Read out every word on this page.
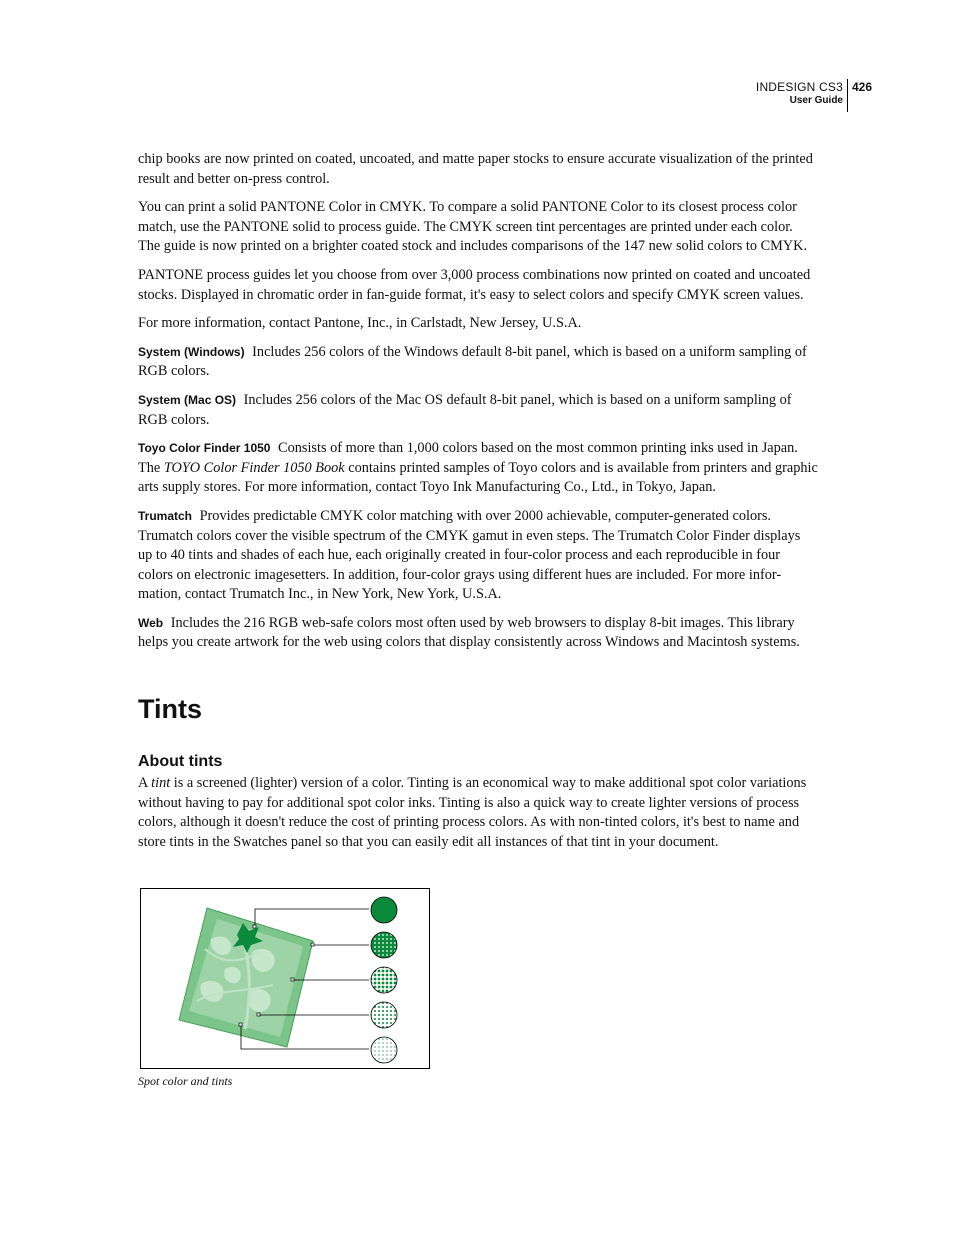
INDESIGN CS3
User Guide
426

chip books are now printed on coated, uncoated, and matte paper stocks to ensure accurate visualization of the printed result and better on-press control.

You can print a solid PANTONE Color in CMYK. To compare a solid PANTONE Color to its closest process color match, use the PANTONE solid to process guide. The CMYK screen tint percentages are printed under each color. The guide is now printed on a brighter coated stock and includes comparisons of the 147 new solid colors to CMYK.

PANTONE process guides let you choose from over 3,000 process combinations now printed on coated and uncoated stocks. Displayed in chromatic order in fan-guide format, it's easy to select colors and specify CMYK screen values.

For more information, contact Pantone, Inc., in Carlstadt, New Jersey, U.S.A.

System (Windows) Includes 256 colors of the Windows default 8-bit panel, which is based on a uniform sampling of RGB colors.

System (Mac OS) Includes 256 colors of the Mac OS default 8-bit panel, which is based on a uniform sampling of RGB colors.

Toyo Color Finder 1050 Consists of more than 1,000 colors based on the most common printing inks used in Japan. The TOYO Color Finder 1050 Book contains printed samples of Toyo colors and is available from printers and graphic arts supply stores. For more information, contact Toyo Ink Manufacturing Co., Ltd., in Tokyo, Japan.

Trumatch Provides predictable CMYK color matching with over 2000 achievable, computer-generated colors. Trumatch colors cover the visible spectrum of the CMYK gamut in even steps. The Trumatch Color Finder displays up to 40 tints and shades of each hue, each originally created in four-color process and each reproducible in four colors on electronic imagesetters. In addition, four-color grays using different hues are included. For more infor-mation, contact Trumatch Inc., in New York, New York, U.S.A.

Web Includes the 216 RGB web-safe colors most often used by web browsers to display 8-bit images. This library helps you create artwork for the web using colors that display consistently across Windows and Macintosh systems.

Tints
About tints

A tint is a screened (lighter) version of a color. Tinting is an economical way to make additional spot color variations without having to pay for additional spot color inks. Tinting is also a quick way to create lighter versions of process colors, although it doesn't reduce the cost of printing process colors. As with non-tinted colors, it's best to name and store tints in the Swatches panel so that you can easily edit all instances of that tint in your document.

Spot color and tints
